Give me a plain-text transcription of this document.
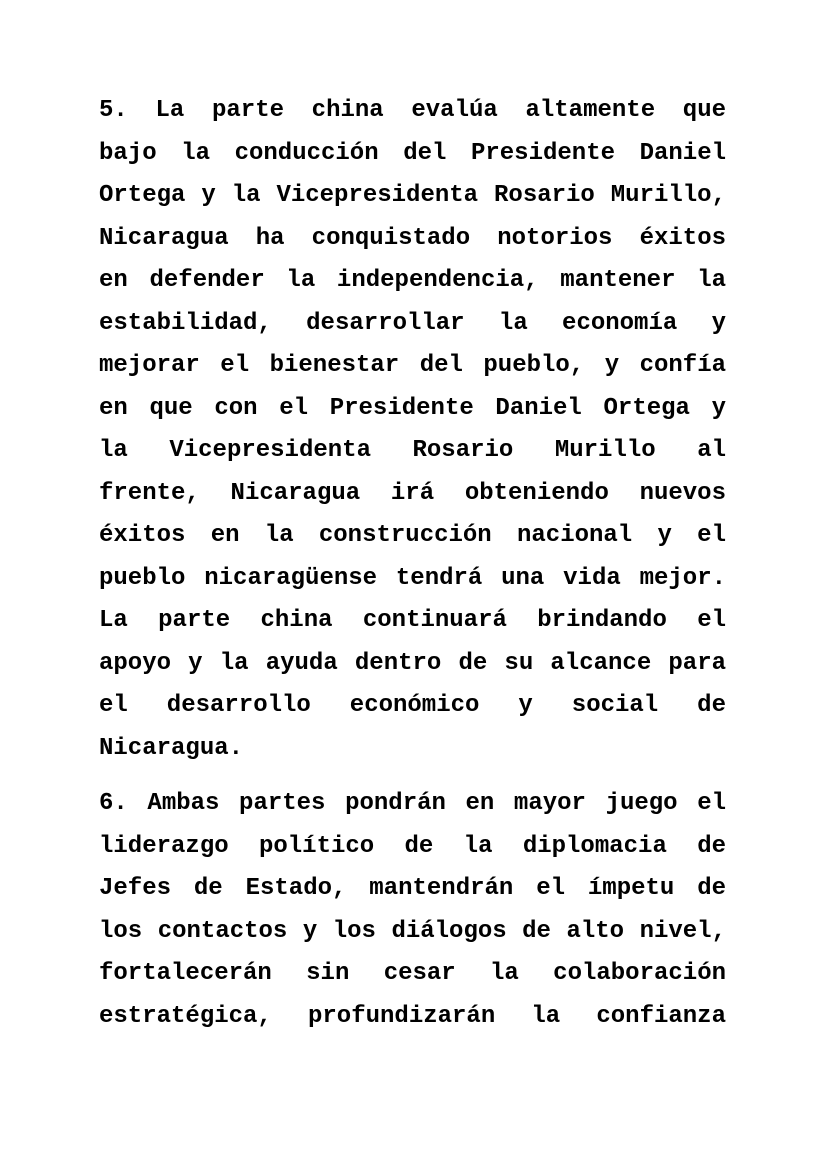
5. La parte china evalúa altamente que
bajo la conducción del Presidente Daniel
Ortega y la Vicepresidenta Rosario Murillo,
Nicaragua ha conquistado notorios éxitos
en defender la independencia, mantener la
estabilidad, desarrollar la economía y
mejorar el bienestar del pueblo, y confía
en que con el Presidente Daniel Ortega y
la Vicepresidenta Rosario Murillo al
frente, Nicaragua irá obteniendo nuevos
éxitos en la construcción nacional y el
pueblo nicaragüense tendrá una vida mejor.
La parte china continuará brindando el
apoyo y la ayuda dentro de su alcance para
el desarrollo económico y social de
Nicaragua.
6. Ambas partes pondrán en mayor juego el
liderazgo político de la diplomacia de
Jefes de Estado, mantendrán el ímpetu de
los contactos y los diálogos de alto nivel,
fortalecerán sin cesar la colaboración
estratégica, profundizarán la confianza
